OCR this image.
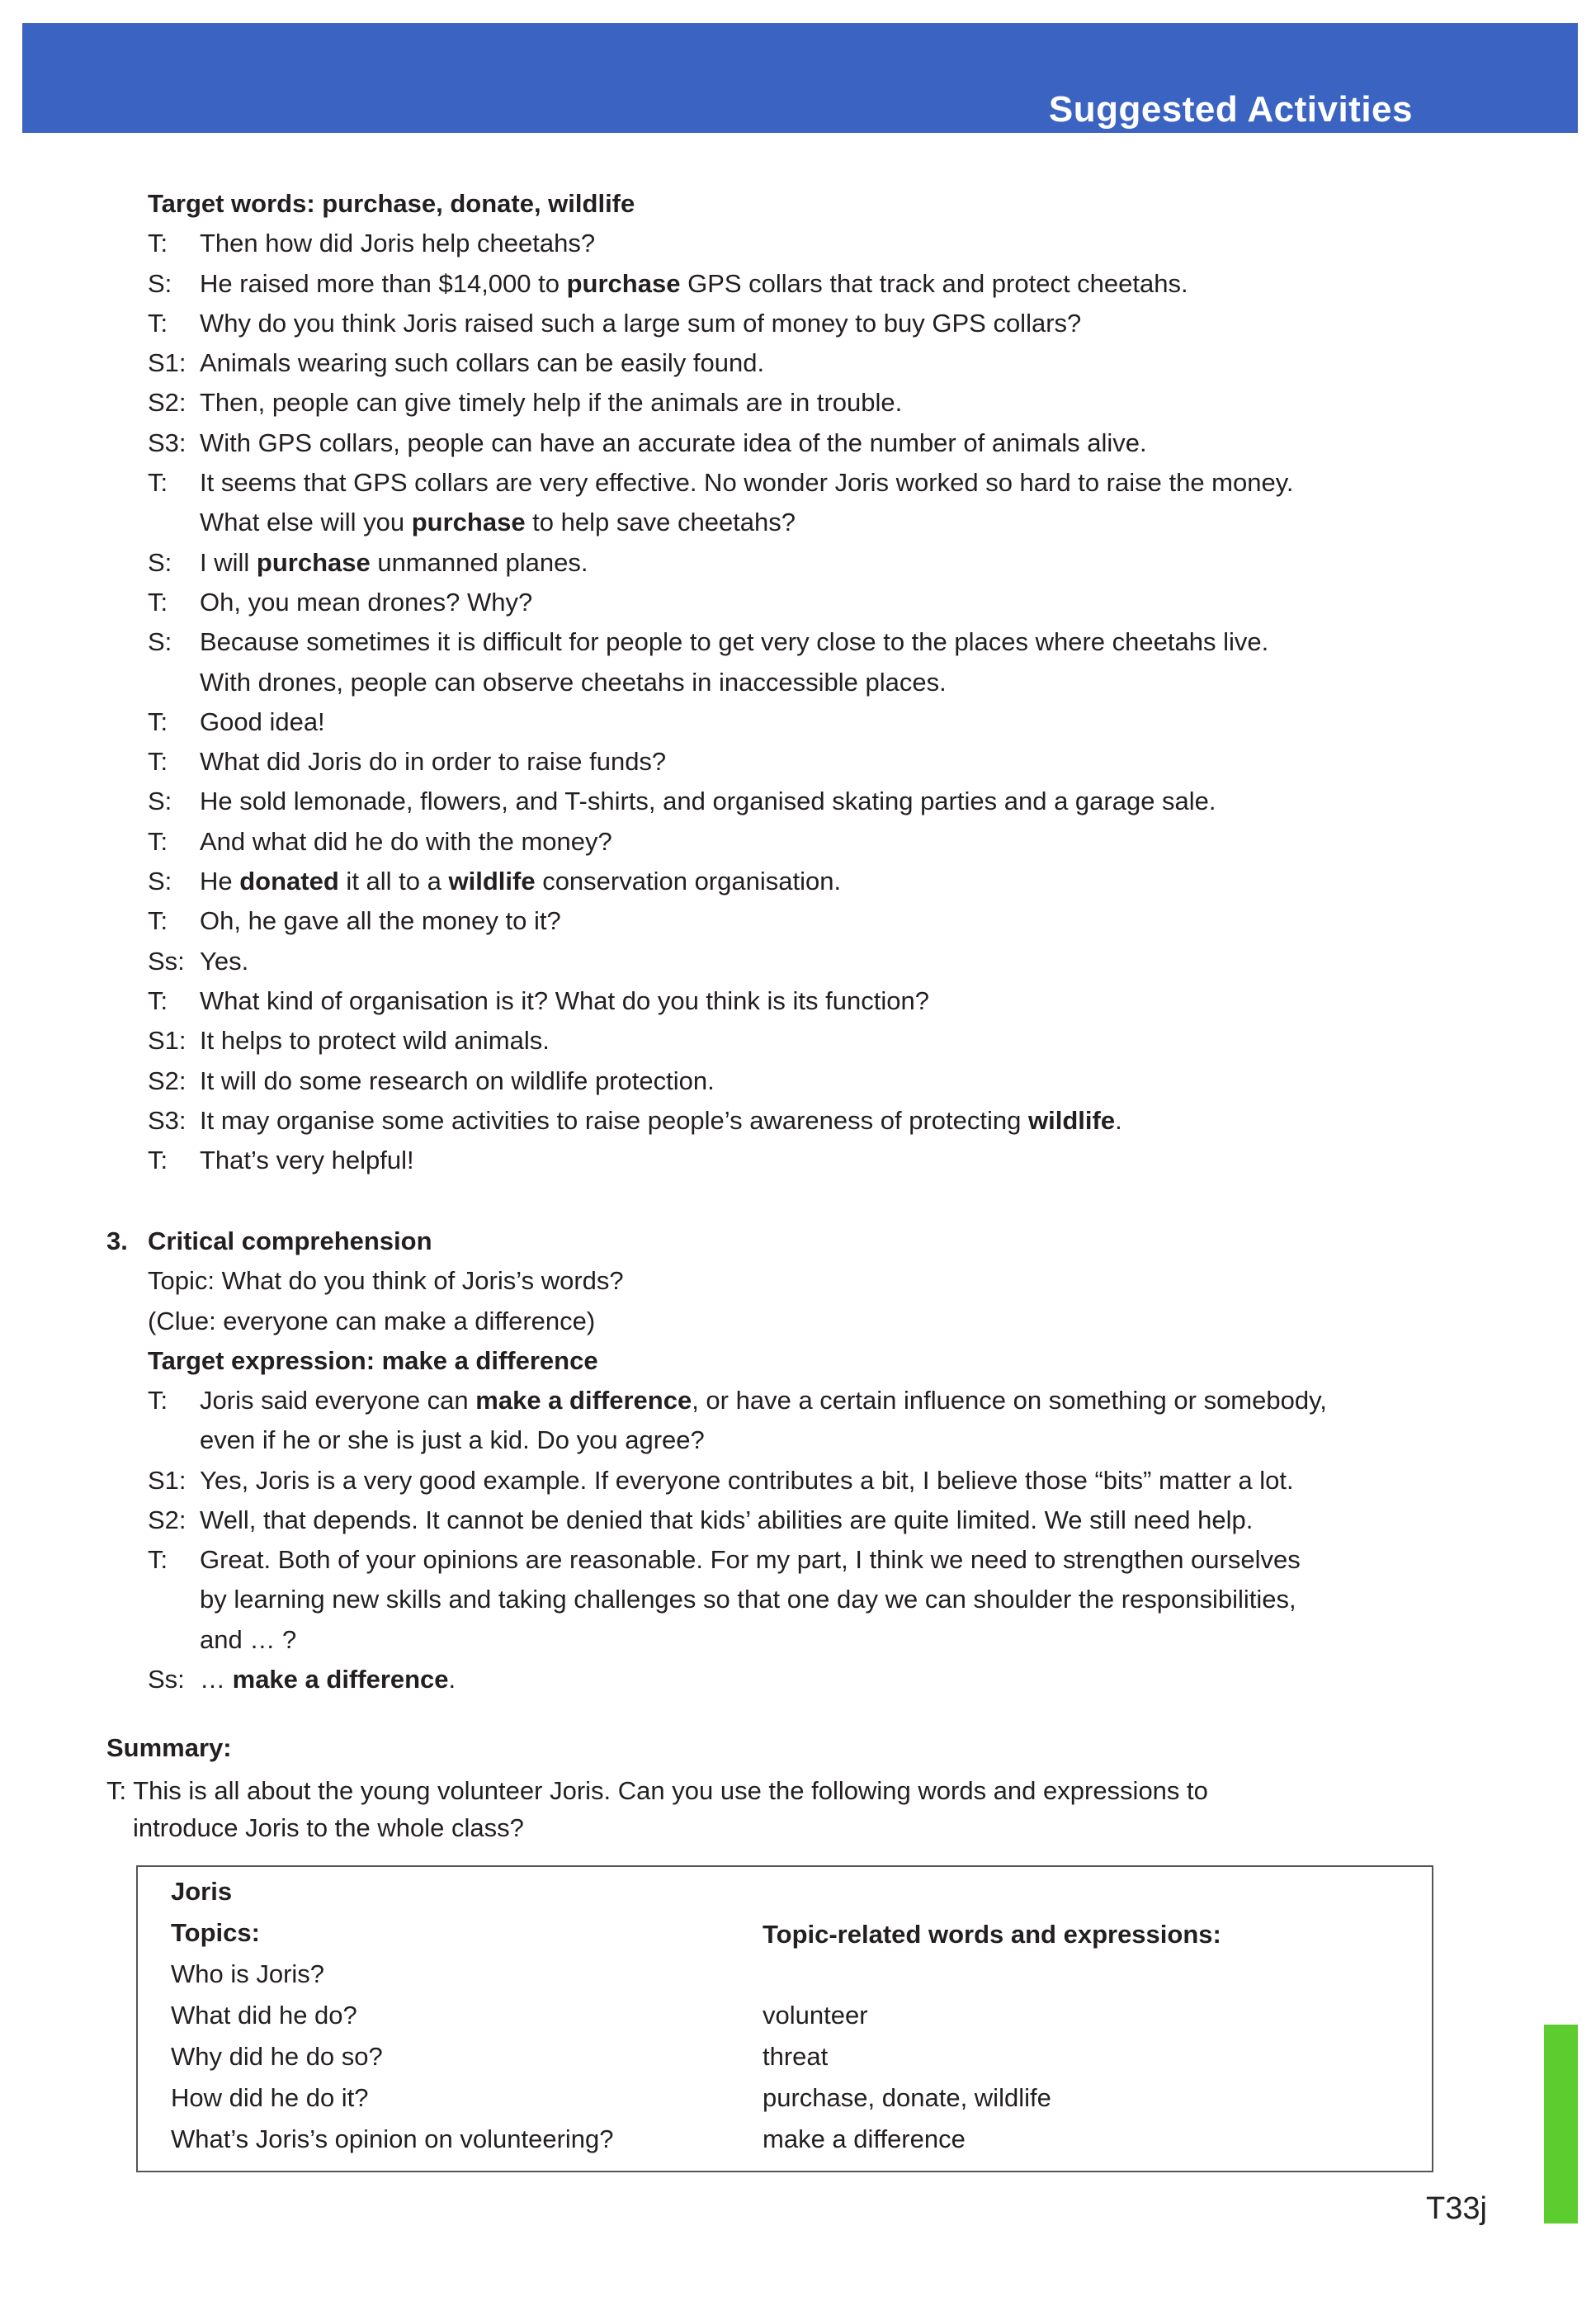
Suggested Activities
Target words: purchase, donate, wildlife
T: Then how did Joris help cheetahs?
S: He raised more than $14,000 to purchase GPS collars that track and protect cheetahs.
T: Why do you think Joris raised such a large sum of money to buy GPS collars?
S1: Animals wearing such collars can be easily found.
S2: Then, people can give timely help if the animals are in trouble.
S3: With GPS collars, people can have an accurate idea of the number of animals alive.
T: It seems that GPS collars are very effective. No wonder Joris worked so hard to raise the money.
What else will you purchase to help save cheetahs?
S: I will purchase unmanned planes.
T: Oh, you mean drones? Why?
S: Because sometimes it is difficult for people to get very close to the places where cheetahs live.
With drones, people can observe cheetahs in inaccessible places.
T: Good idea!
T: What did Joris do in order to raise funds?
S: He sold lemonade, flowers, and T-shirts, and organised skating parties and a garage sale.
T: And what did he do with the money?
S: He donated it all to a wildlife conservation organisation.
T: Oh, he gave all the money to it?
Ss: Yes.
T: What kind of organisation is it? What do you think is its function?
S1: It helps to protect wild animals.
S2: It will do some research on wildlife protection.
S3: It may organise some activities to raise people’s awareness of protecting wildlife.
T: That’s very helpful!
3. Critical comprehension
Topic: What do you think of Joris’s words?
(Clue: everyone can make a difference)
Target expression: make a difference
T: Joris said everyone can make a difference, or have a certain influence on something or somebody,
even if he or she is just a kid. Do you agree?
S1: Yes, Joris is a very good example. If everyone contributes a bit, I believe those “bits” matter a lot.
S2: Well, that depends. It cannot be denied that kids’ abilities are quite limited. We still need help.
T: Great. Both of your opinions are reasonable. For my part, I think we need to strengthen ourselves
by learning new skills and taking challenges so that one day we can shoulder the responsibilities,
and … ?
Ss: … make a difference.
Summary:
T: This is all about the young volunteer Joris. Can you use the following words and expressions to
introduce Joris to the whole class?
Joris
Topics:
Who is Joris?
What did he do?
Why did he do so?
How did he do it?
What’s Joris’s opinion on volunteering?
Topic-related words and expressions:
volunteer
threat
purchase, donate, wildlife
make a difference
T33j
